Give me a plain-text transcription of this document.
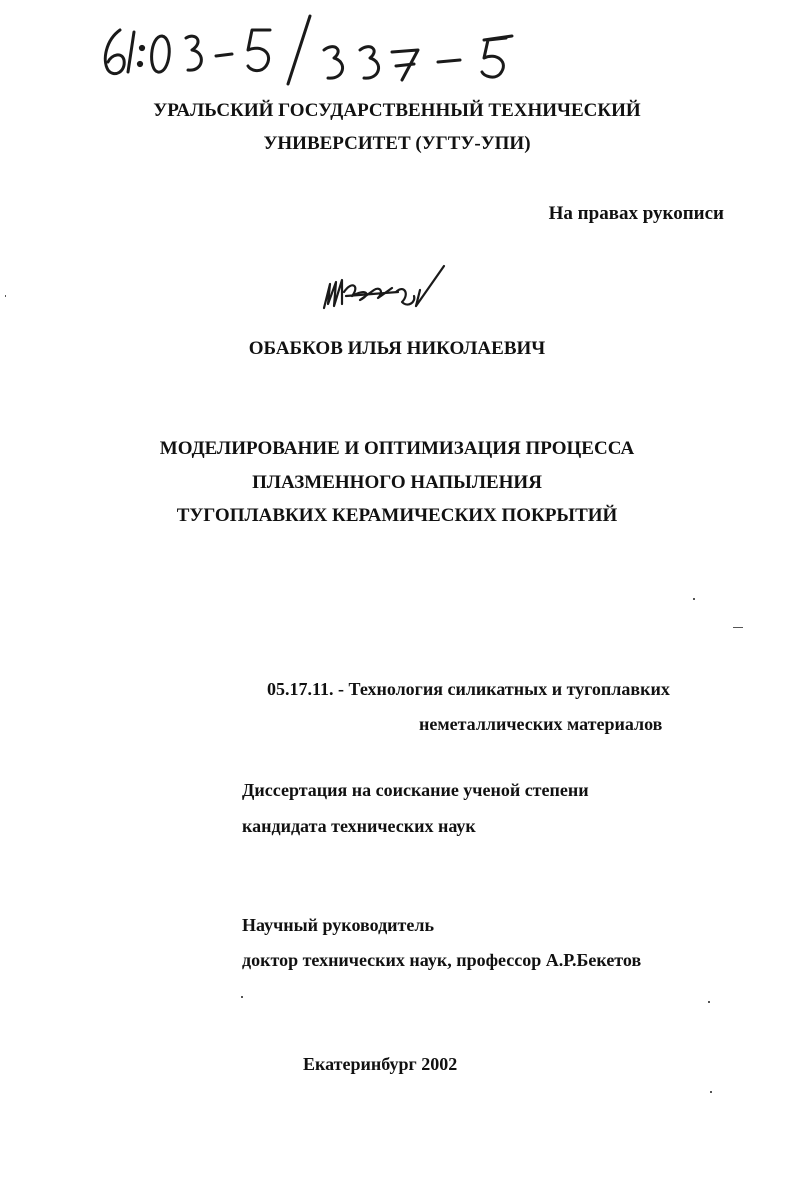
УРАЛЬСКИЙ ГОСУДАРСТВЕННЫЙ ТЕХНИЧЕСКИЙ
УНИВЕРСИТЕТ (УГТУ-УПИ)
На правах рукописи
ОБАБКОВ ИЛЬЯ НИКОЛАЕВИЧ
МОДЕЛИРОВАНИЕ И ОПТИМИЗАЦИЯ ПРОЦЕССА
ПЛАЗМЕННОГО НАПЫЛЕНИЯ
ТУГОПЛАВКИХ КЕРАМИЧЕСКИХ ПОКРЫТИЙ
05.17.11. - Технология силикатных и тугоплавких
неметаллических материалов
Диссертация на соискание ученой степени
кандидата технических наук
Научный руководитель
доктор технических наук, профессор А.Р.Бекетов
Екатеринбург 2002
